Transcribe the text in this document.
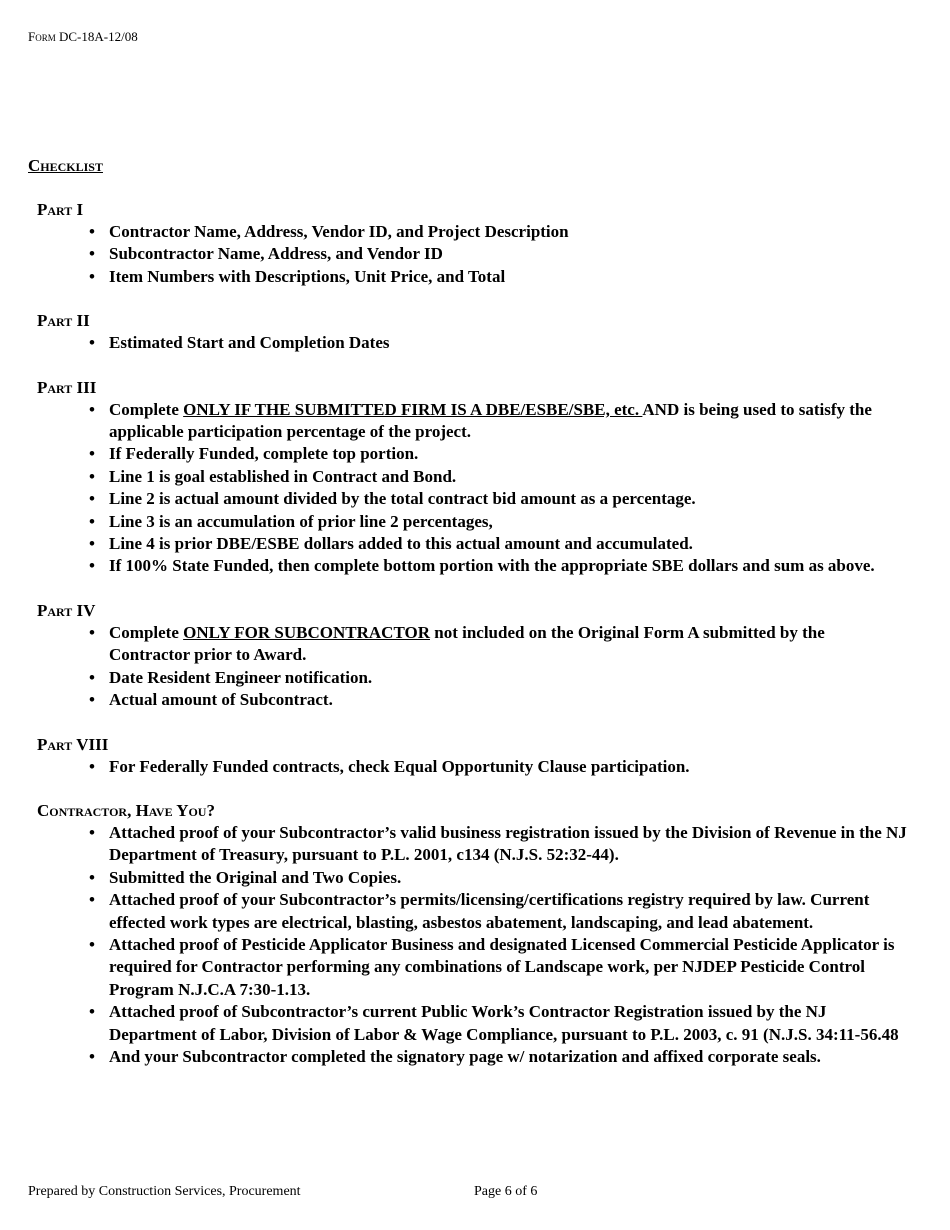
Form DC-18A-12/08
Checklist
Part I
• Contractor Name, Address, Vendor ID, and Project Description
• Subcontractor Name, Address, and Vendor ID
• Item Numbers with Descriptions, Unit Price, and Total
Part II
• Estimated Start and Completion Dates
Part III
• Complete ONLY IF THE SUBMITTED FIRM IS A DBE/ESBE/SBE, etc. AND is being used to satisfy the applicable participation percentage of the project.
• If Federally Funded, complete top portion.
• Line 1 is goal established in Contract and Bond.
• Line 2 is actual amount divided by the total contract bid amount as a percentage.
• Line 3 is an accumulation of prior line 2 percentages,
• Line 4 is prior DBE/ESBE dollars added to this actual amount and accumulated.
• If 100% State Funded, then complete bottom portion with the appropriate SBE dollars and sum as above.
Part IV
• Complete ONLY FOR SUBCONTRACTOR not included on the Original Form A submitted by the Contractor prior to Award.
• Date Resident Engineer notification.
• Actual amount of Subcontract.
Part VIII
• For Federally Funded contracts, check Equal Opportunity Clause participation.
Contractor, Have You?
• Attached proof of your Subcontractor’s valid business registration issued by the Division of Revenue in the NJ Department of Treasury, pursuant to P.L. 2001, c134 (N.J.S. 52:32-44).
• Submitted the Original and Two Copies.
• Attached proof of your Subcontractor’s permits/licensing/certifications registry required by law. Current effected work types are electrical, blasting, asbestos abatement, landscaping, and lead abatement.
• Attached proof of Pesticide Applicator Business and designated Licensed Commercial Pesticide Applicator is required for Contractor performing any combinations of Landscape work, per NJDEP Pesticide Control Program N.J.C.A 7:30-1.13.
• Attached proof of Subcontractor’s current Public Work’s Contractor Registration issued by the NJ Department of Labor, Division of Labor & Wage Compliance, pursuant to P.L. 2003, c. 91 (N.J.S. 34:11-56.48
• And your Subcontractor completed the signatory page w/ notarization and affixed corporate seals.
Prepared by Construction Services, Procurement	Page 6 of 6
